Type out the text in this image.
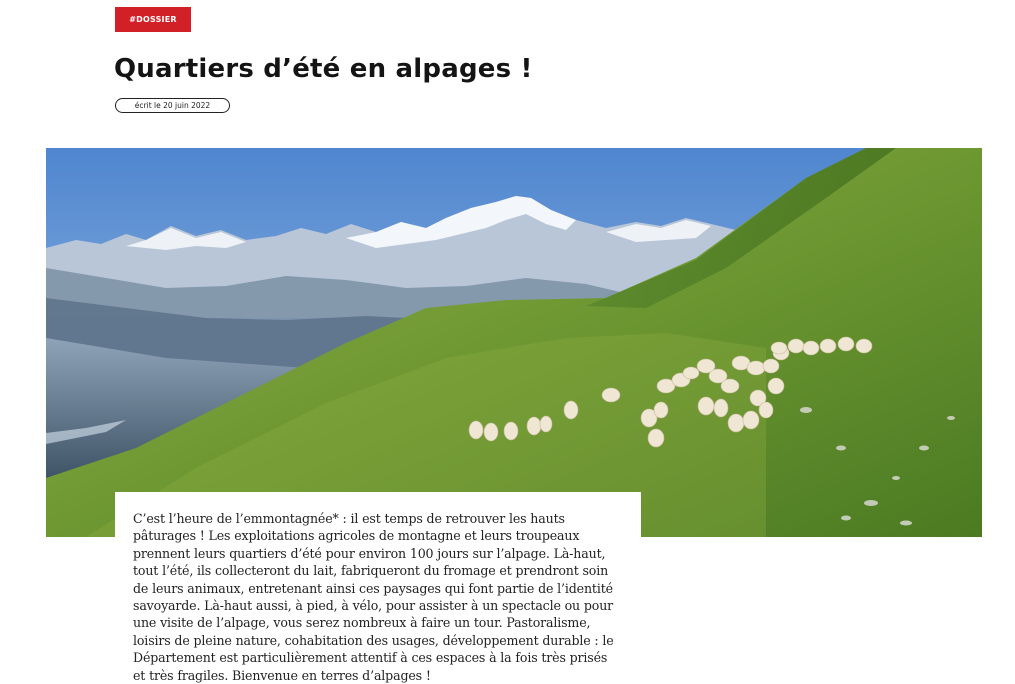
#DOSSIER
Quartiers d’été en alpages !
écrit le 20 juin 2022

C’est l’heure de l’emmontagnée* : il est temps de retrouver les hauts pâturages ! Les exploitations agricoles de montagne et leurs troupeaux prennent leurs quartiers d’été pour environ 100 jours sur l’alpage. Là-haut, tout l’été, ils collecteront du lait, fabriqueront du fromage et prendront soin de leurs animaux, entretenant ainsi ces paysages qui font partie de l’identité savoyarde. Là-haut aussi, à pied, à vélo, pour assister à un spectacle ou pour une visite de l’alpage, vous serez nombreux à faire un tour. Pastoralisme, loisirs de pleine nature, cohabitation des usages, développement durable : le Département est particulièrement attentif à ces espaces à la fois très prisés et très fragiles. Bienvenue en terres d’alpages !
